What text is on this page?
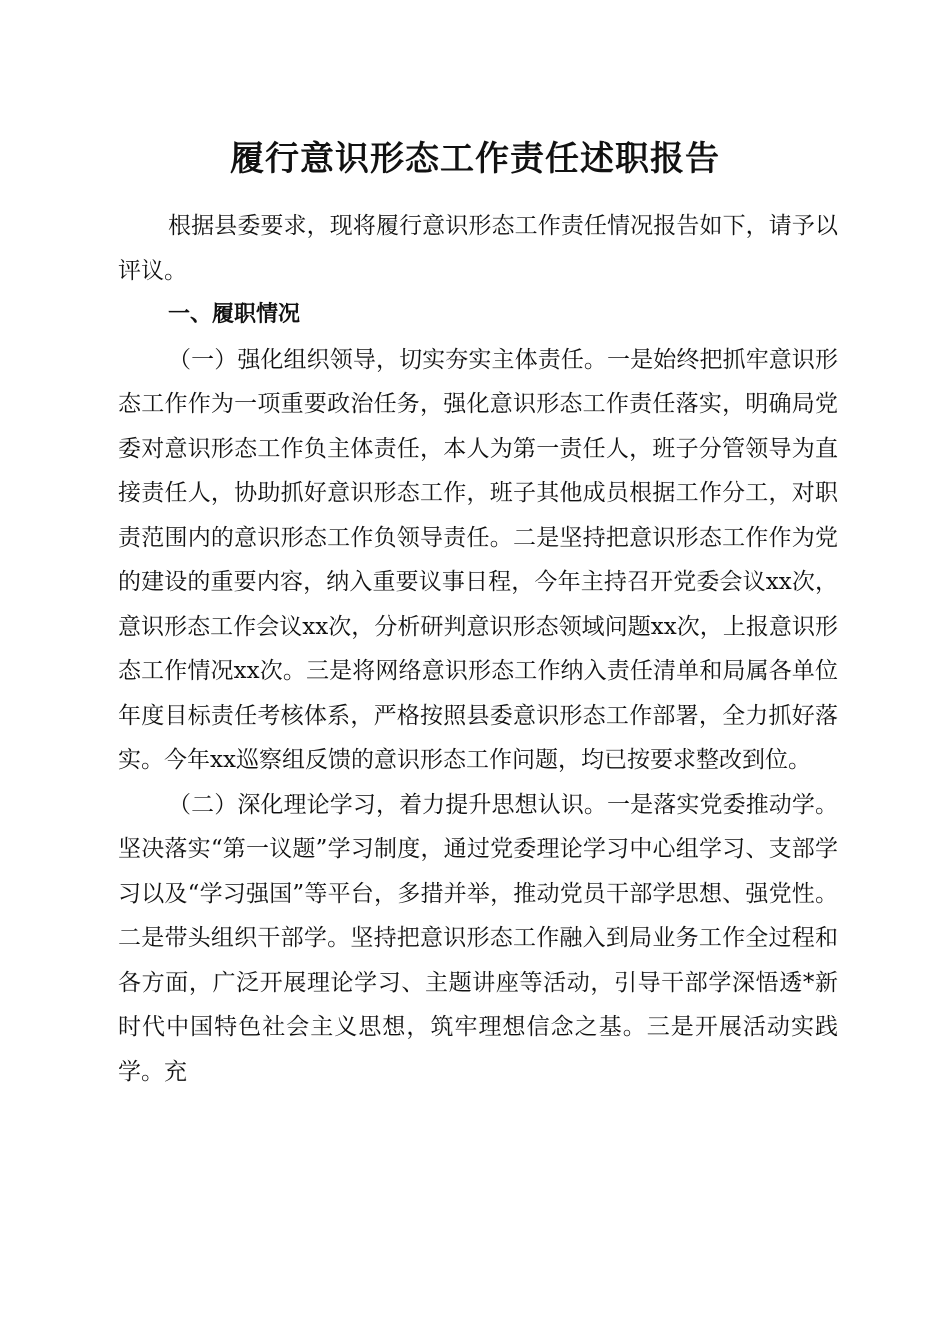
履行意识形态工作责任述职报告

根据县委要求，现将履行意识形态工作责任情况报告如下，请予以评议。

一、履职情况

（一）强化组织领导，切实夯实主体责任。一是始终把抓牢意识形态工作作为一项重要政治任务，强化意识形态工作责任落实，明确局党委对意识形态工作负主体责任，本人为第一责任人，班子分管领导为直接责任人，协助抓好意识形态工作，班子其他成员根据工作分工，对职责范围内的意识形态工作负领导责任。二是坚持把意识形态工作作为党的建设的重要内容，纳入重要议事日程，今年主持召开党委会议xx次，意识形态工作会议xx次，分析研判意识形态领域问题xx次，上报意识形态工作情况xx次。三是将网络意识形态工作纳入责任清单和局属各单位年度目标责任考核体系，严格按照县委意识形态工作部署，全力抓好落实。今年xx巡察组反馈的意识形态工作问题，均已按要求整改到位。

（二）深化理论学习，着力提升思想认识。一是落实党委推动学。坚决落实“第一议题”学习制度，通过党委理论学习中心组学习、支部学习以及“学习强国”等平台，多措并举，推动党员干部学思想、强党性。二是带头组织干部学。坚持把意识形态工作融入到局业务工作全过程和各方面，广泛开展理论学习、主题讲座等活动，引导干部学深悟透*新时代中国特色社会主义思想，筑牢理想信念之基。三是开展活动实践学。充
